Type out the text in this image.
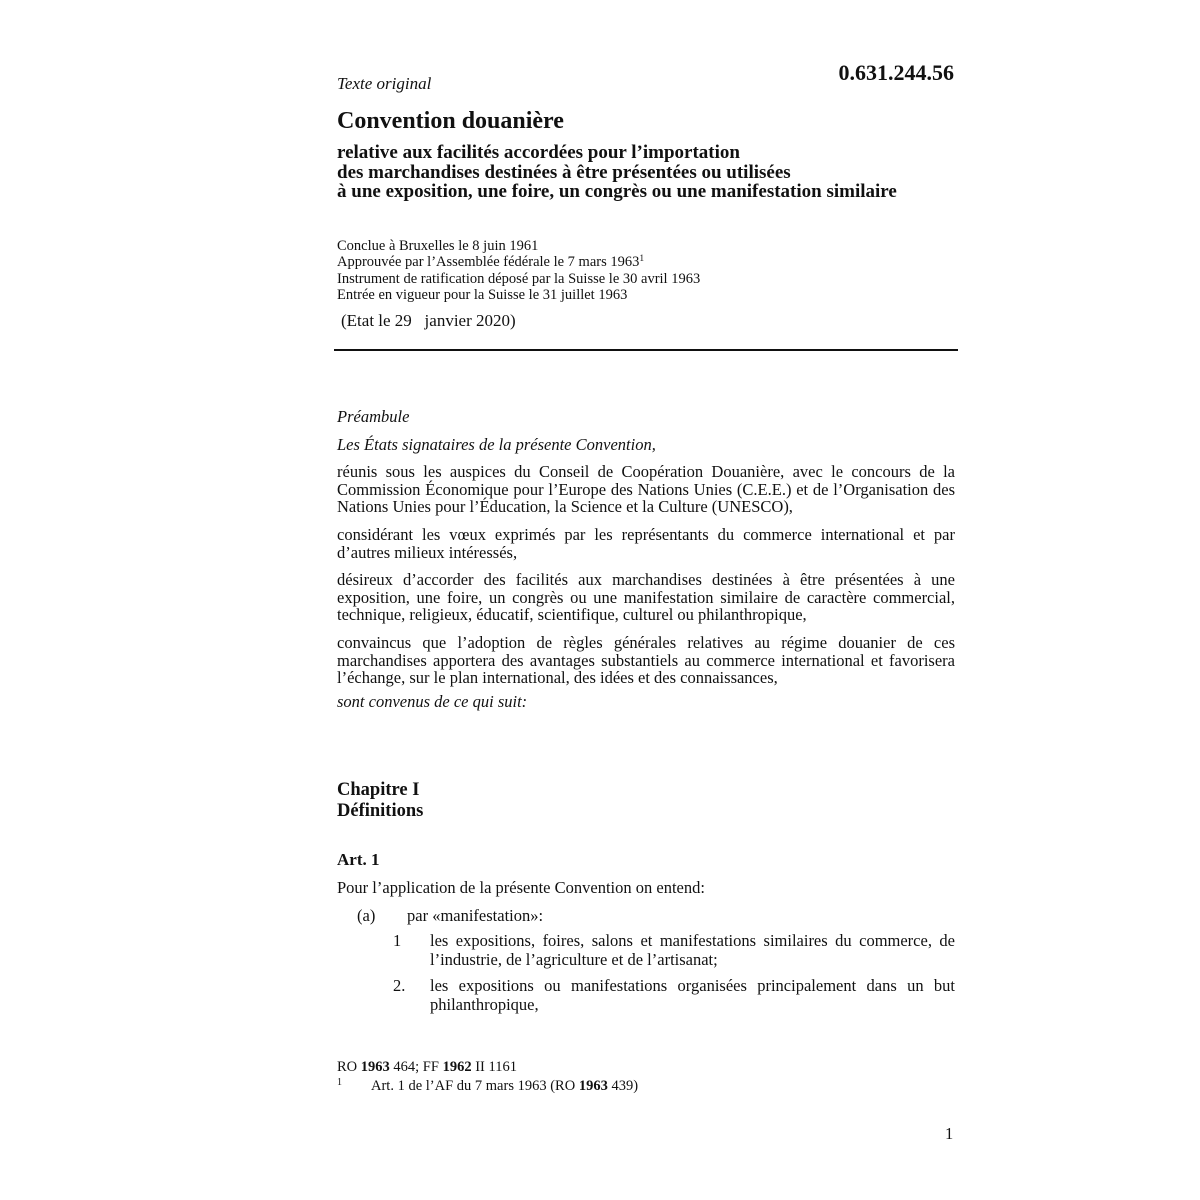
Texte original	0.631.244.56
Convention douanière
relative aux facilités accordées pour l’importation
des marchandises destinées à être présentées ou utilisées
à une exposition, une foire, un congrès ou une manifestation similaire
Conclue à Bruxelles le 8 juin 1961
Approuvée par l’Assemblée fédérale le 7 mars 1963$^1$
Instrument de ratification déposé par la Suisse le 30 avril 1963
Entrée en vigueur pour la Suisse le 31 juillet 1963
(Etat le 29   janvier 2020)
Préambule
Les États signataires de la présente Convention,
réunis sous les auspices du Conseil de Coopération Douanière, avec le concours de la Commission Économique pour l’Europe des Nations Unies (C.E.E.) et de l’Organisation des Nations Unies pour l’Éducation, la Science et la Culture (UNESCO),
considérant les vœux exprimés par les représentants du commerce international et par d’autres milieux intéressés,
désireux d’accorder des facilités aux marchandises destinées à être présentées à une exposition, une foire, un congrès ou une manifestation similaire de caractère commercial, technique, religieux, éducatif, scientifique, culturel ou philanthropique,
convaincus que l’adoption de règles générales relatives au régime douanier de ces marchandises apportera des avantages substantiels au commerce international et favorisera l’échange, sur le plan international, des idées et des connaissances,
sont convenus de ce qui suit:
Chapitre I
Définitions
Art. 1
Pour l’application de la présente Convention on entend:
(a) par «manifestation»:
1	les expositions, foires, salons et manifestations similaires du commerce, de l’industrie, de l’agriculture et de l’artisanat;
2.	les expositions ou manifestations organisées principalement dans un but philanthropique,
RO 1963 464; FF 1962 II 1161
1 Art. 1 de l’AF du 7 mars 1963 (RO 1963 439)
1
